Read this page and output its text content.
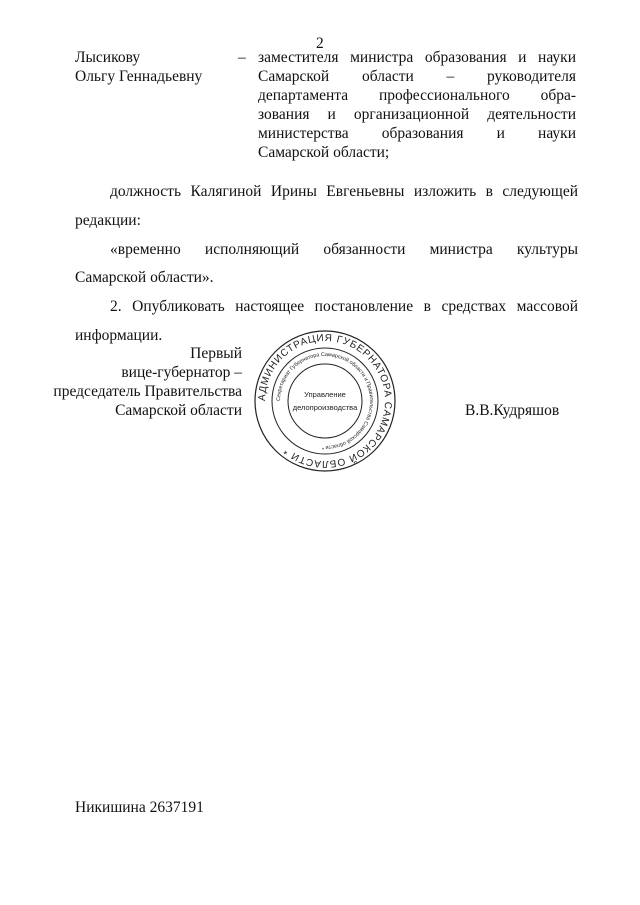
2
Лысикову
Ольгу Геннадьевну
– заместителя министра образования и науки
Самарской области – руководителя
департамента профессионального обра-
зования и организационной деятельности
министерства образования и науки
Самарской области;
должность Калягиной Ирины Евгеньевны изложить в следующей
редакции:
«временно исполняющий обязанности министра культуры
Самарской области».
2. Опубликовать настоящее постановление в средствах массовой
информации.
Первый
вице-губернатор –
председатель Правительства
Самарской области	В.В.Кудряшов
АДМИНИСТРАЦИЯ ГУБЕРНАТОРА САМАРСКОЙ ОБЛАСТИ *
Секретариат Губернатора Самарской области и Правительства Самарской области *
Управление
делопроизводства
Никишина 2637191
